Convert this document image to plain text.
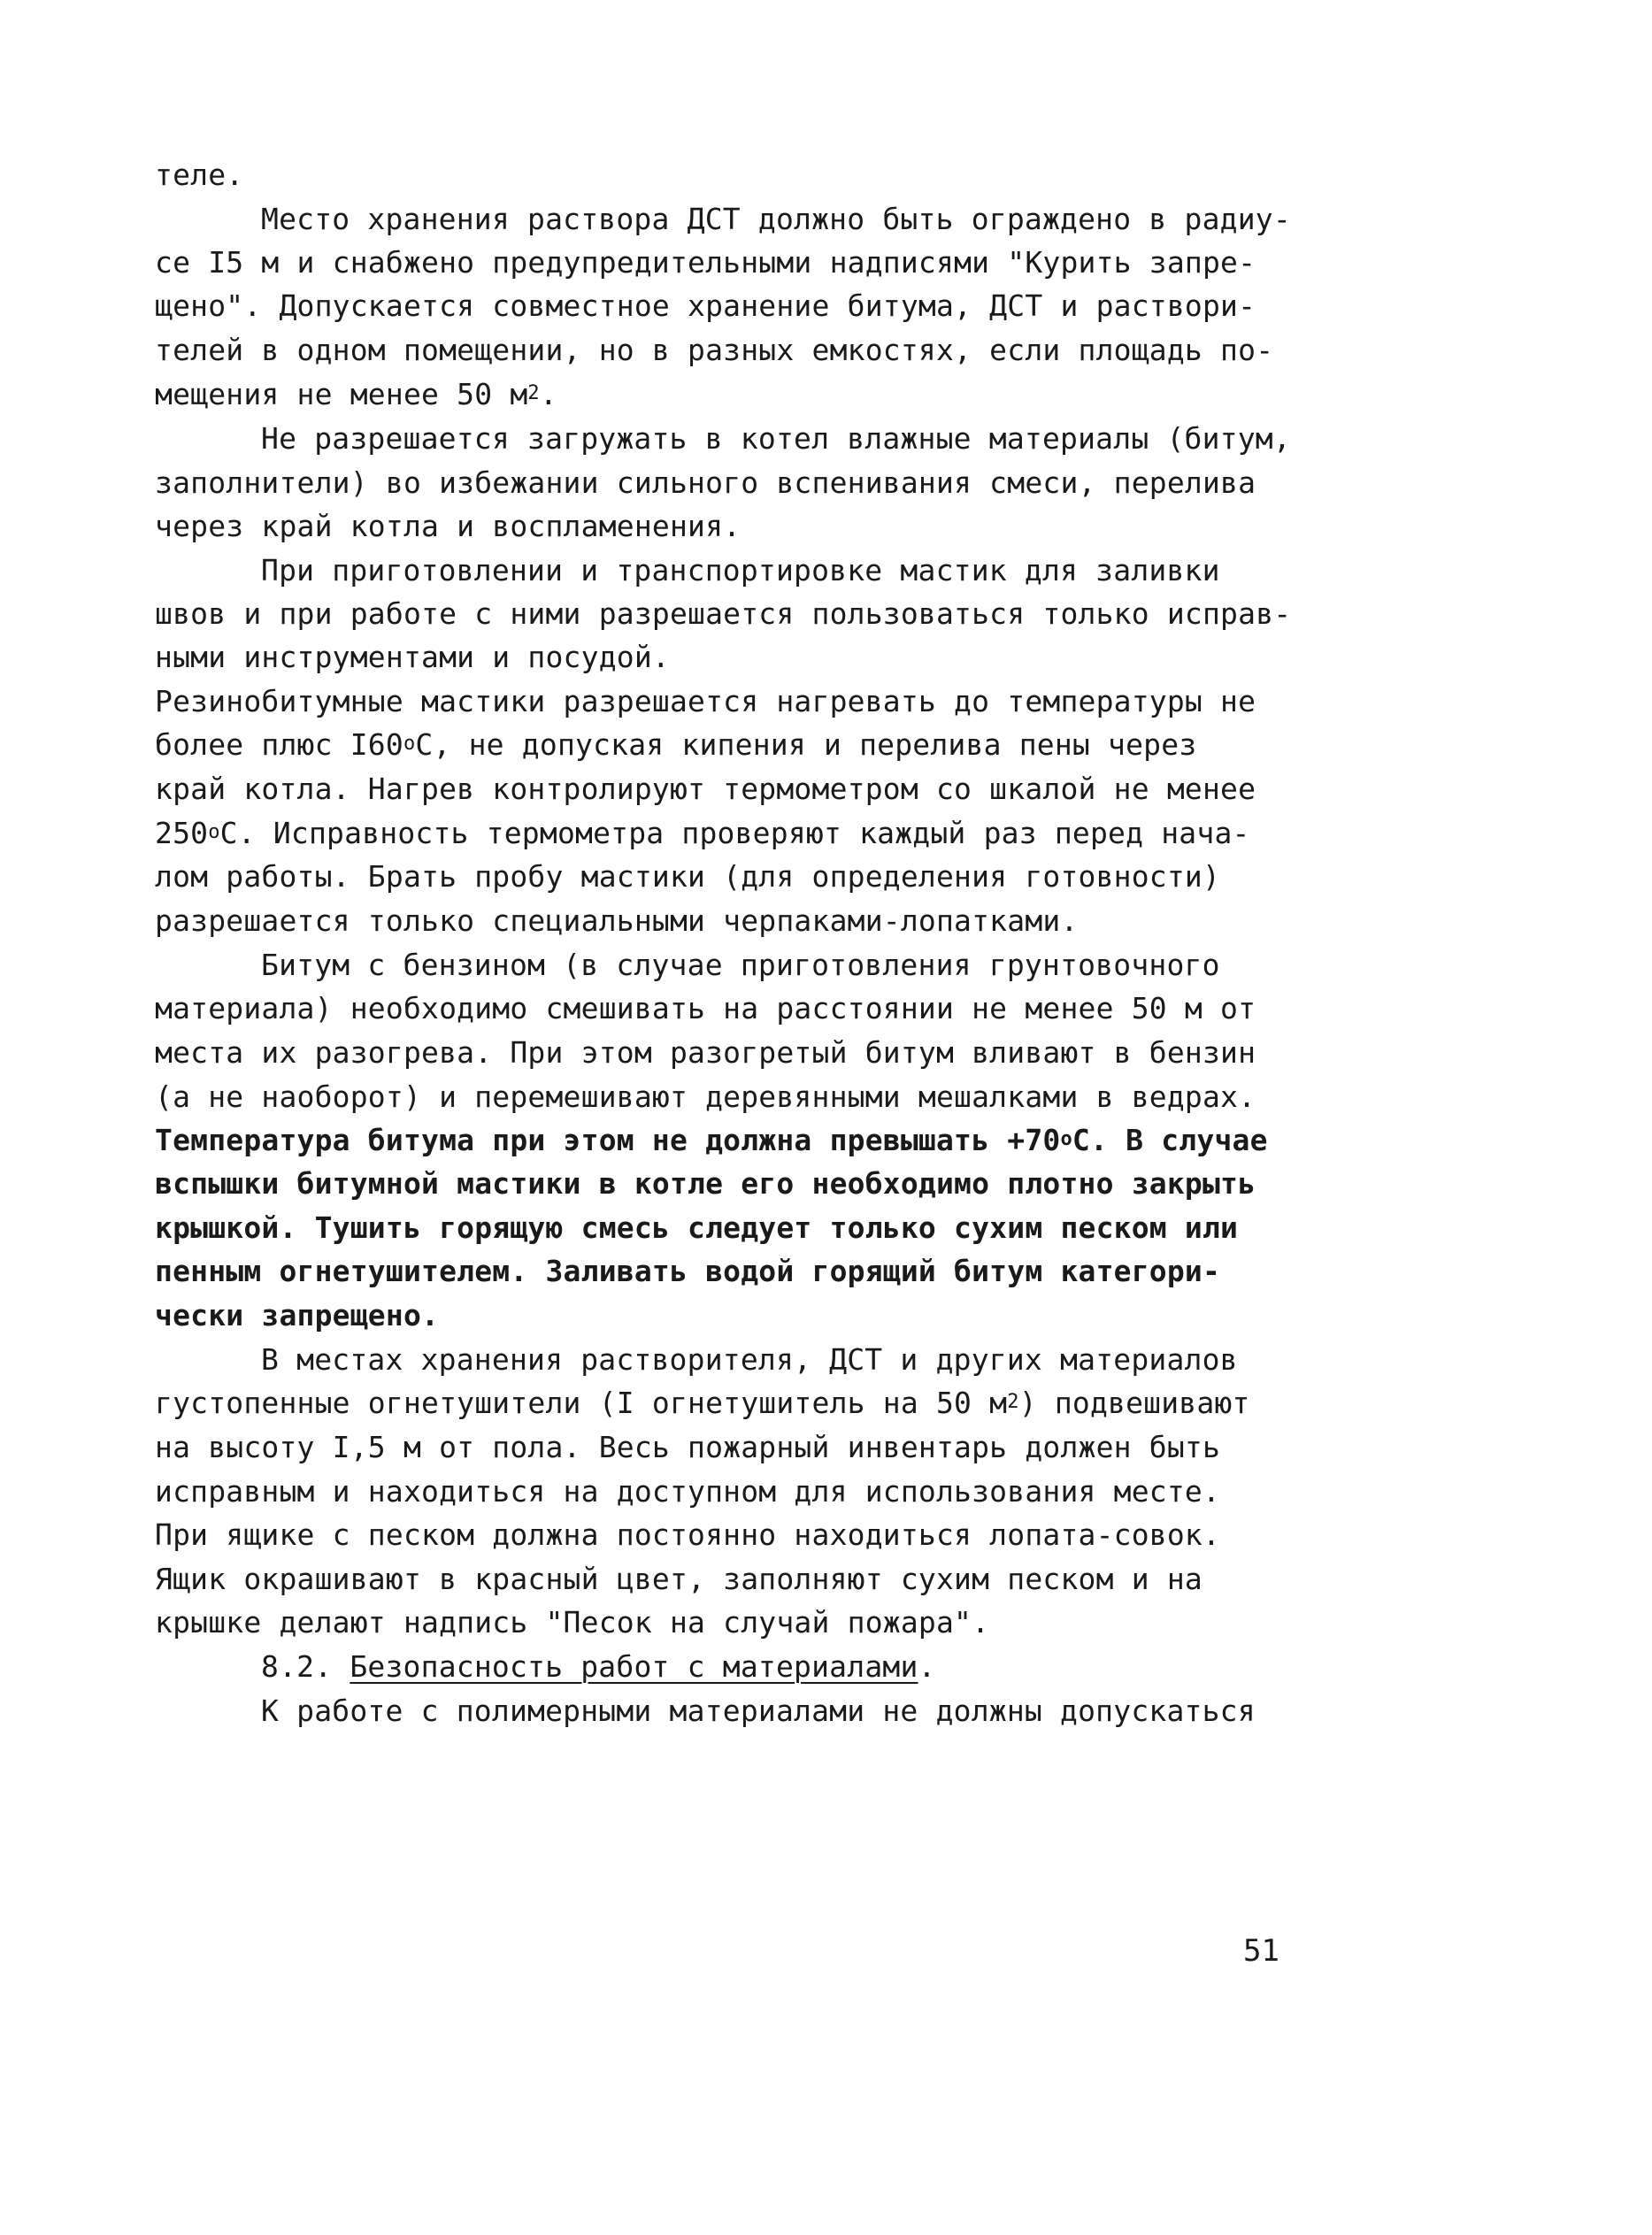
теле.
Место хранения раствора ДСТ должно быть ограждено в радиу-
се I5 м и снабжено предупредительными надписями "Курить запре-
щено". Допускается совместное хранение битума, ДСТ и раствори-
телей в одном помещении, но в разных емкостях, если площадь по-
мещения не менее 50 $м^2$.
Не разрешается загружать в котел влажные материалы (битум,
заполнители) во избежании сильного вспенивания смеси, перелива
через край котла и воспламенения.
При приготовлении и транспортировке мастик для заливки
швов и при работе с ними разрешается пользоваться только исправ-
ными инструментами и посудой.
Резинобитумные мастики разрешается нагревать до температуры не
более плюс I60$^o$С, не допуская кипения и перелива пены через
край котла. Нагрев контролируют термометром со шкалой не менее
250$^o$С. Исправность термометра проверяют каждый раз перед нача-
лом работы. Брать пробу мастики (для определения готовности)
разрешается только специальными черпаками-лопатками.
Битум с бензином (в случае приготовления грунтовочного
материала) необходимо смешивать на расстоянии не менее 50 м от
места их разогрева. При этом разогретый битум вливают в бензин
(а не наоборот) и перемешивают деревянными мешалками в ведрах.
Температура битума при этом не должна превышать $+70^oС$. В случае
вспышки битумной мастики в котле его необходимо плотно закрыть
крышкой. Тушить горящую смесь следует только сухим песком или
пенным огнетушителем. Заливать водой горящий битум категори-
чески запрещено.
В местах хранения растворителя, ДСТ и других материалов
густопенные огнетушители (I огнетушитель на 50 $м^2$) подвешивают
на высоту I,5 м от пола. Весь пожарный инвентарь должен быть
исправным и находиться на доступном для использования месте.
При ящике с песком должна постоянно находиться лопата-совок.
Ящик окрашивают в красный цвет, заполняют сухим песком и на
крышке делают надпись "Песок на случай пожара".
8.2. Безопасность работ с материалами.
К работе с полимерными материалами не должны допускаться
51
